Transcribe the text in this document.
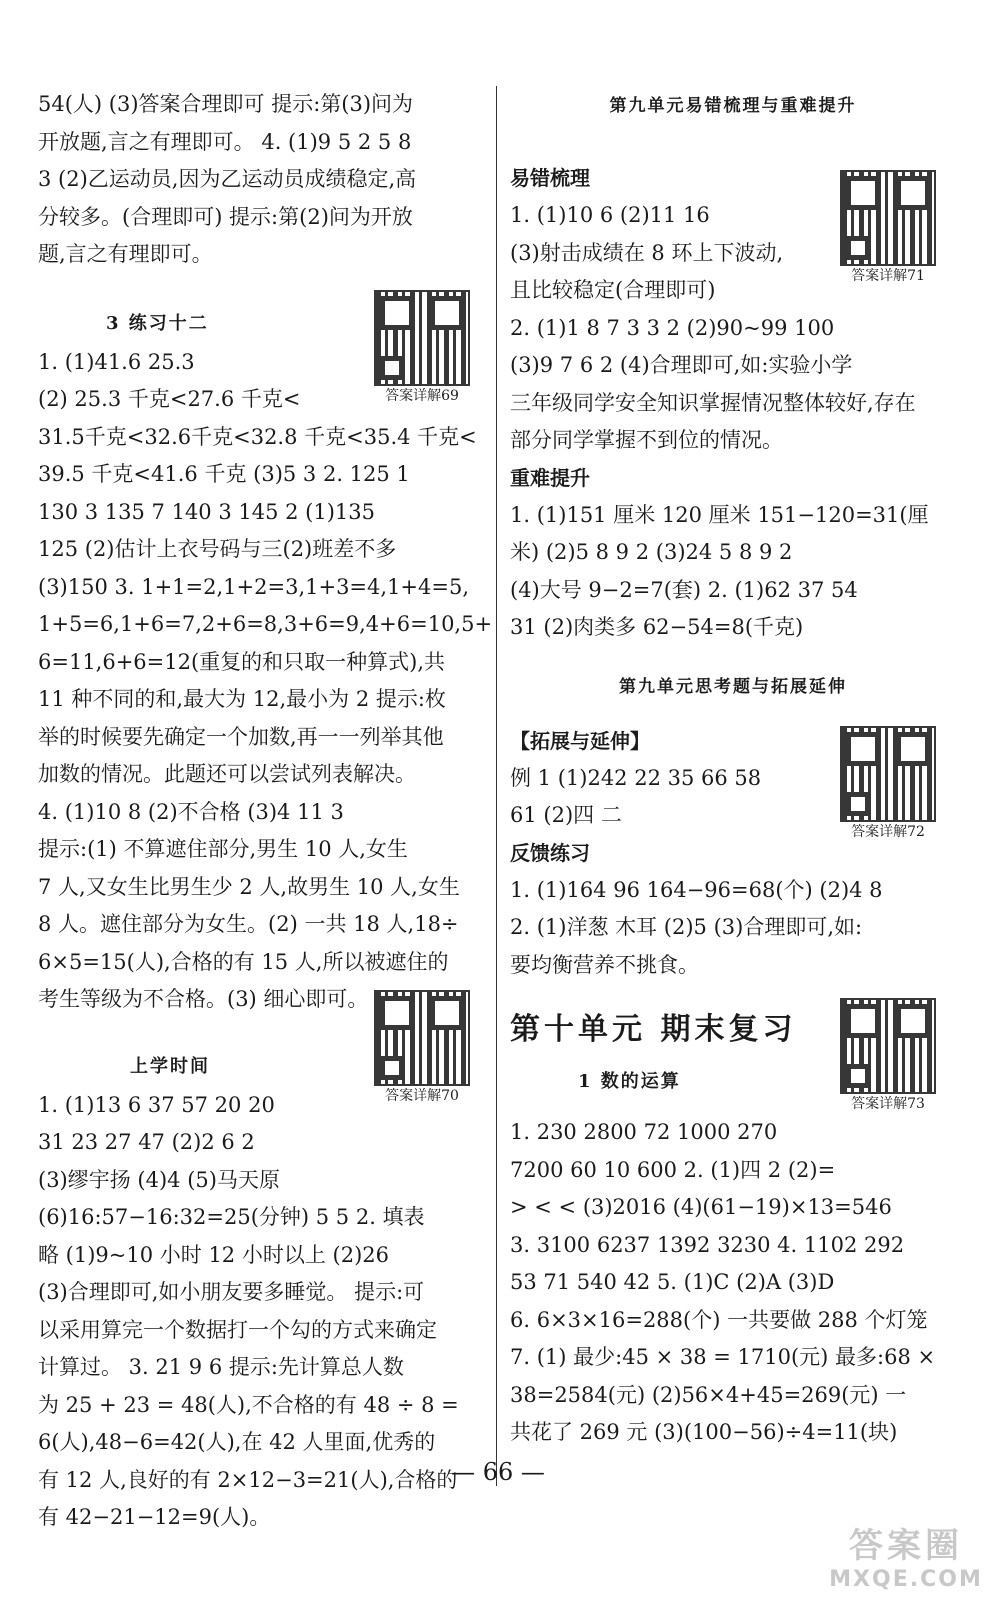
54(人) (3)答案合理即可 提示:第(3)问为
开放题,言之有理即可。 4. (1)9 5 2 5 8
3 (2)乙运动员,因为乙运动员成绩稳定,高
分较多。(合理即可) 提示:第(2)问为开放
题,言之有理即可。
3 练习十二
1. (1)41.6 25.3
(2) 25.3 千克<27.6 千克<
31.5千克<32.6千克<32.8 千克<35.4 千克<
39.5 千克<41.6 千克 (3)5 3 2. 125 1
130 3 135 7 140 3 145 2 (1)135
125 (2)估计上衣号码与三(2)班差不多
(3)150 3. 1+1=2,1+2=3,1+3=4,1+4=5,
1+5=6,1+6=7,2+6=8,3+6=9,4+6=10,5+
6=11,6+6=12(重复的和只取一种算式),共
11 种不同的和,最大为 12,最小为 2 提示:枚
举的时候要先确定一个加数,再一一列举其他
加数的情况。此题还可以尝试列表解决。
4. (1)10 8 (2)不合格 (3)4 11 3
提示:(1) 不算遮住部分,男生 10 人,女生
7 人,又女生比男生少 2 人,故男生 10 人,女生
8 人。遮住部分为女生。(2) 一共 18 人,18÷
6×5=15(人),合格的有 15 人,所以被遮住的
考生等级为不合格。(3) 细心即可。
上学时间
1. (1)13 6 37 57 20 20
31 23 27 47 (2)2 6 2
(3)缪宇扬 (4)4 (5)马天原
(6)16:57−16:32=25(分钟) 5 5 2. 填表
略 (1)9~10 小时 12 小时以上 (2)26
(3)合理即可,如小朋友要多睡觉。 提示:可
以采用算完一个数据打一个勾的方式来确定
计算过。 3. 21 9 6 提示:先计算总人数
为 25 + 23 = 48(人),不合格的有 48 ÷ 8 =
6(人),48−6=42(人),在 42 人里面,优秀的
有 12 人,良好的有 2×12−3=21(人),合格的
有 42−21−12=9(人)。
第九单元易错梳理与重难提升
易错梳理
1. (1)10 6 (2)11 16
(3)射击成绩在 8 环上下波动,
且比较稳定(合理即可)
2. (1)1 8 7 3 3 2 (2)90~99 100
(3)9 7 6 2 (4)合理即可,如:实验小学
三年级同学安全知识掌握情况整体较好,存在
部分同学掌握不到位的情况。
重难提升
1. (1)151 厘米 120 厘米 151−120=31(厘
米) (2)5 8 9 2 (3)24 5 8 9 2
(4)大号 9−2=7(套) 2. (1)62 37 54
31 (2)肉类多 62−54=8(千克)
第九单元思考题与拓展延伸
【拓展与延伸】
例 1 (1)242 22 35 66 58
61 (2)四 二
反馈练习
1. (1)164 96 164−96=68(个) (2)4 8
2. (1)洋葱 木耳 (2)5 (3)合理即可,如:
要均衡营养不挑食。
第十单元 期末复习
1 数的运算
1. 230 2800 72 1000 270
7200 60 10 600 2. (1)四 2 (2)=
> < < (3)2016 (4)(61−19)×13=546
3. 3100 6237 1392 3230 4. 1102 292
53 71 540 42 5. (1)C (2)A (3)D
6. 6×3×16=288(个) 一共要做 288 个灯笼
7. (1) 最少:45 × 38 = 1710(元) 最多:68 ×
38=2584(元) (2)56×4+45=269(元) 一
共花了 269 元 (3)(100−56)÷4=11(块)
答案详解69
答案详解70
答案详解71
答案详解72
答案详解73
— 66 —
答案圈
MXQE.COM
